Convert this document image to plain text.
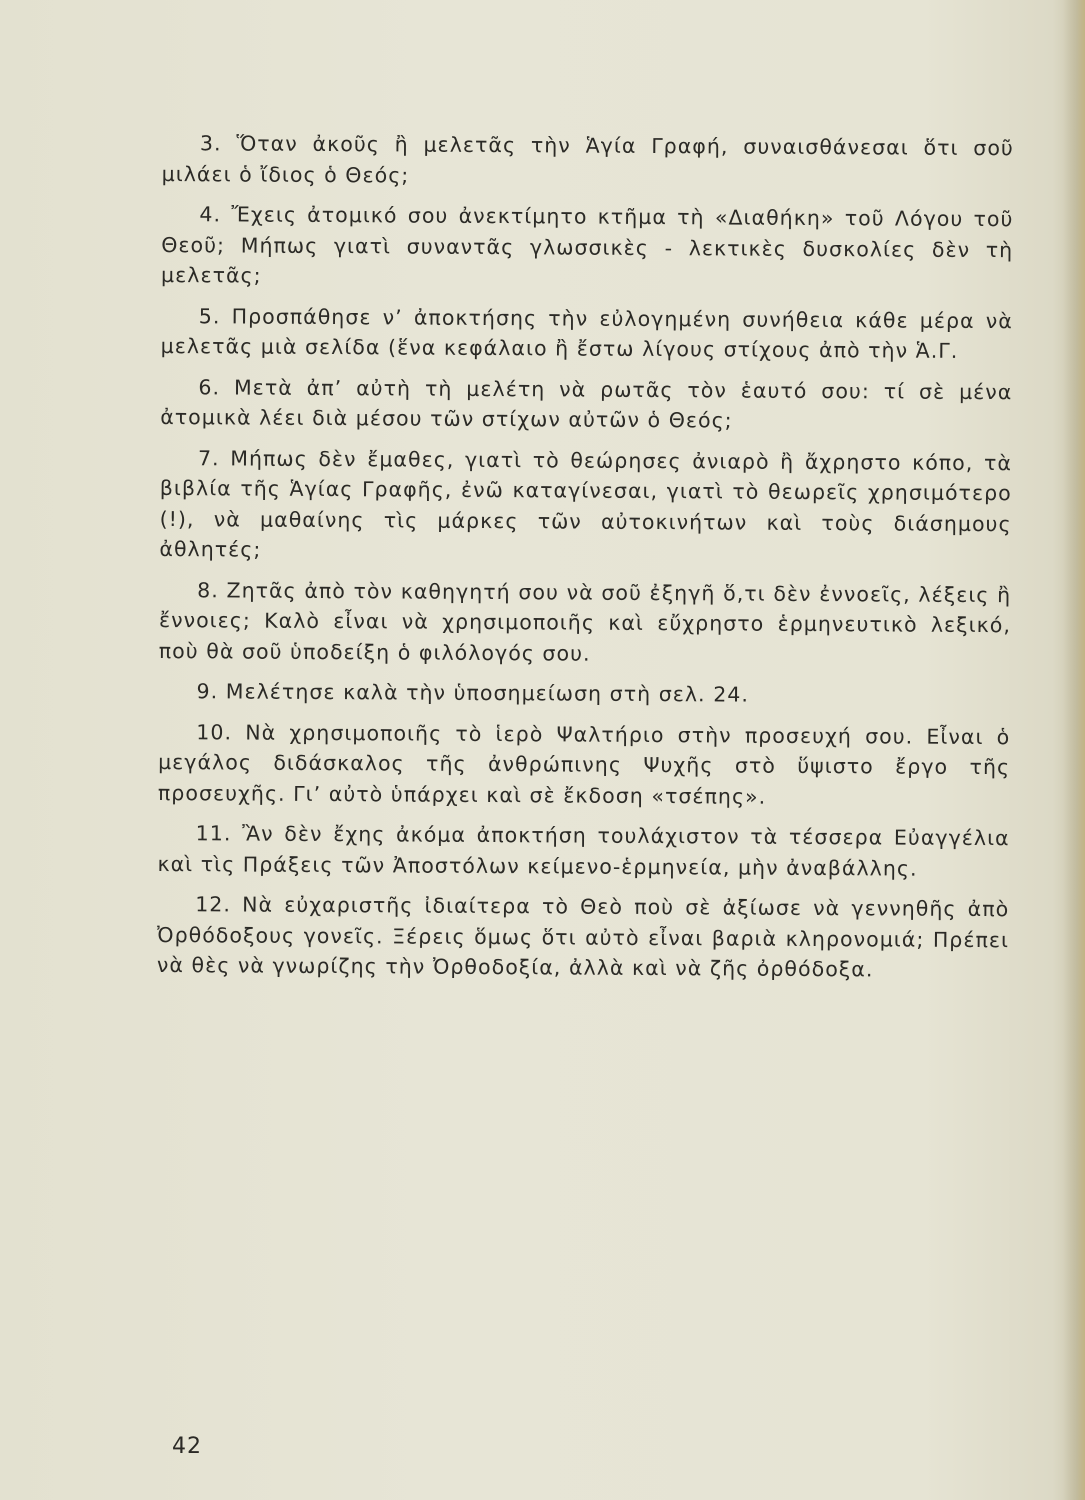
3. Ὅταν ἀκοῦς ἢ μελετᾶς τὴν Ἁγία Γραφή, συναισθάνεσαι ὅτι σοῦ μιλάει ὁ ἴδιος ὁ Θεός;

4. Ἔχεις ἀτομικό σου ἀνεκτίμητο κτῆμα τὴ «Διαθήκη» τοῦ Λόγου τοῦ Θεοῦ; Μήπως γιατὶ συναντᾶς γλωσσικὲς - λεκτικὲς δυσκολίες δὲν τὴ μελετᾶς;

5. Προσπάθησε ν’ ἀποκτήσης τὴν εὐλογημένη συνήθεια κάθε μέρα νὰ μελετᾶς μιὰ σελίδα (ἕνα κεφάλαιο ἢ ἔστω λίγους στίχους ἀπὸ τὴν Ἁ.Γ.

6. Μετὰ ἀπ’ αὐτὴ τὴ μελέτη νὰ ρωτᾶς τὸν ἑαυτό σου: τί σὲ μένα ἀτομικὰ λέει διὰ μέσου τῶν στίχων αὐτῶν ὁ Θεός;

7. Μήπως δὲν ἔμαθες, γιατὶ τὸ θεώρησες ἀνιαρὸ ἢ ἄχρηστο κόπο, τὰ βιβλία τῆς Ἁγίας Γραφῆς, ἐνῶ καταγίνεσαι, γιατὶ τὸ θεωρεῖς χρησιμότερο (!), νὰ μαθαίνης τὶς μάρκες τῶν αὐτοκινήτων καὶ τοὺς διάσημους ἀθλητές;

8. Ζητᾶς ἀπὸ τὸν καθηγητή σου νὰ σοῦ ἐξηγῆ ὅ,τι δὲν ἐννοεῖς, λέξεις ἢ ἔννοιες; Καλὸ εἶναι νὰ χρησιμοποιῆς καὶ εὔχρηστο ἑρμηνευτικὸ λεξικό, ποὺ θὰ σοῦ ὑποδείξη ὁ φιλόλογός σου.

9. Μελέτησε καλὰ τὴν ὑποσημείωση στὴ σελ. 24.

10. Νὰ χρησιμοποιῆς τὸ ἱερὸ Ψαλτήριο στὴν προσευχή σου. Εἶναι ὁ μεγάλος διδάσκαλος τῆς ἀνθρώπινης Ψυχῆς στὸ ὕψιστο ἔργο τῆς προσευχῆς. Γι’ αὐτὸ ὑπάρχει καὶ σὲ ἔκδοση «τσέπης».

11. Ἂν δὲν ἔχης ἀκόμα ἀποκτήση τουλάχιστον τὰ τέσσερα Εὐαγγέλια καὶ τὶς Πράξεις τῶν Ἀποστόλων κείμενο-ἑρμηνεία, μὴν ἀναβάλλης.

12. Νὰ εὐχαριστῆς ἰδιαίτερα τὸ Θεὸ ποὺ σὲ ἀξίωσε νὰ γεννηθῆς ἀπὸ Ὀρθόδοξους γονεῖς. Ξέρεις ὅμως ὅτι αὐτὸ εἶναι βαριὰ κληρονομιά; Πρέπει νὰ θὲς νὰ γνωρίζης τὴν Ὀρθοδοξία, ἀλλὰ καὶ νὰ ζῆς ὀρθόδοξα.

42
